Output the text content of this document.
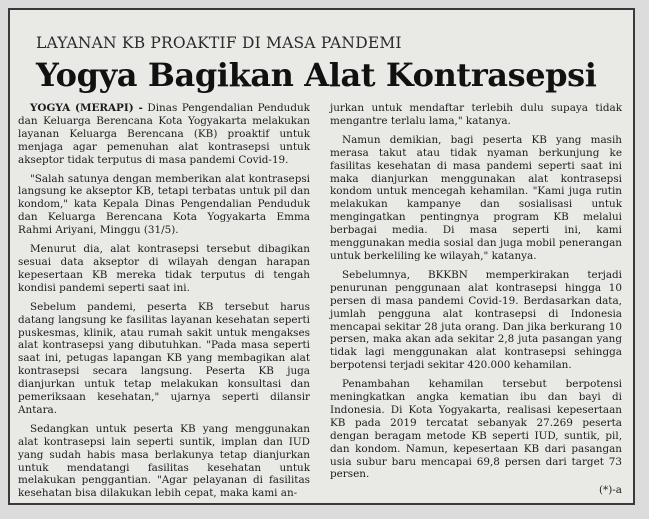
LAYANAN KB PROAKTIF DI MASA PANDEMI
Yogya Bagikan Alat Kontrasepsi

YOGYA (MERAPI) - Dinas Pengendalian Penduduk dan Keluarga Berencana Kota Yogyakarta melakukan layanan Keluarga Berencana (KB) proaktif untuk menjaga agar pemenuhan alat kontrasepsi untuk akseptor tidak terputus di masa pandemi Covid-19.

"Salah satunya dengan memberikan alat kontrasepsi langsung ke akseptor KB, tetapi terbatas untuk pil dan kondom," kata Kepala Dinas Pengendalian Penduduk dan Keluarga Berencana Kota Yogyakarta Emma Rahmi Ariyani, Minggu (31/5).

Menurut dia, alat kontrasepsi tersebut dibagikan sesuai data akseptor di wilayah dengan harapan kepesertaan KB mereka tidak terputus di tengah kondisi pandemi seperti saat ini.

Sebelum pandemi, peserta KB tersebut harus datang langsung ke fasilitas layanan kesehatan seperti puskesmas, klinik, atau rumah sakit untuk mengakses alat kontrasepsi yang dibutuhkan. "Pada masa seperti saat ini, petugas lapangan KB yang membagikan alat kontrasepsi secara langsung. Peserta KB juga dianjurkan untuk tetap melakukan konsultasi dan pemeriksaan kesehatan," ujarnya seperti dilansir Antara.

Sedangkan untuk peserta KB yang menggunakan alat kontrasepsi lain seperti suntik, implan dan IUD yang sudah habis masa berlakunya tetap dianjurkan untuk mendatangi fasilitas kesehatan untuk melakukan penggantian. "Agar pelayanan di fasilitas kesehatan bisa dilakukan lebih cepat, maka kami an-

jurkan untuk mendaftar terlebih dulu supaya tidak mengantre terlalu lama," katanya.

Namun demikian, bagi peserta KB yang masih merasa takut atau tidak nyaman berkunjung ke fasilitas kesehatan di masa pandemi seperti saat ini maka dianjurkan menggunakan alat kontrasepsi kondom untuk mencegah kehamilan. "Kami juga rutin melakukan kampanye dan sosialisasi untuk mengingatkan pentingnya program KB melalui berbagai media. Di masa seperti ini, kami menggunakan media sosial dan juga mobil penerangan untuk berkeliling ke wilayah," katanya.

Sebelumnya, BKKBN memperkirakan terjadi penurunan penggunaan alat kontrasepsi hingga 10 persen di masa pandemi Covid-19. Berdasarkan data, jumlah pengguna alat kontrasepsi di Indonesia mencapai sekitar 28 juta orang. Dan jika berkurang 10 persen, maka akan ada sekitar 2,8 juta pasangan yang tidak lagi menggunakan alat kontrasepsi sehingga berpotensi terjadi sekitar 420.000 kehamilan.

Penambahan kehamilan tersebut berpotensi meningkatkan angka kematian ibu dan bayi di Indonesia. Di Kota Yogyakarta, realisasi kepesertaan KB pada 2019 tercatat sebanyak 27.269 peserta dengan beragam metode KB seperti IUD, suntik, pil, dan kondom. Namun, kepesertaan KB dari pasangan usia subur baru mencapai 69,8 persen dari target 73 persen.

(*)-a
